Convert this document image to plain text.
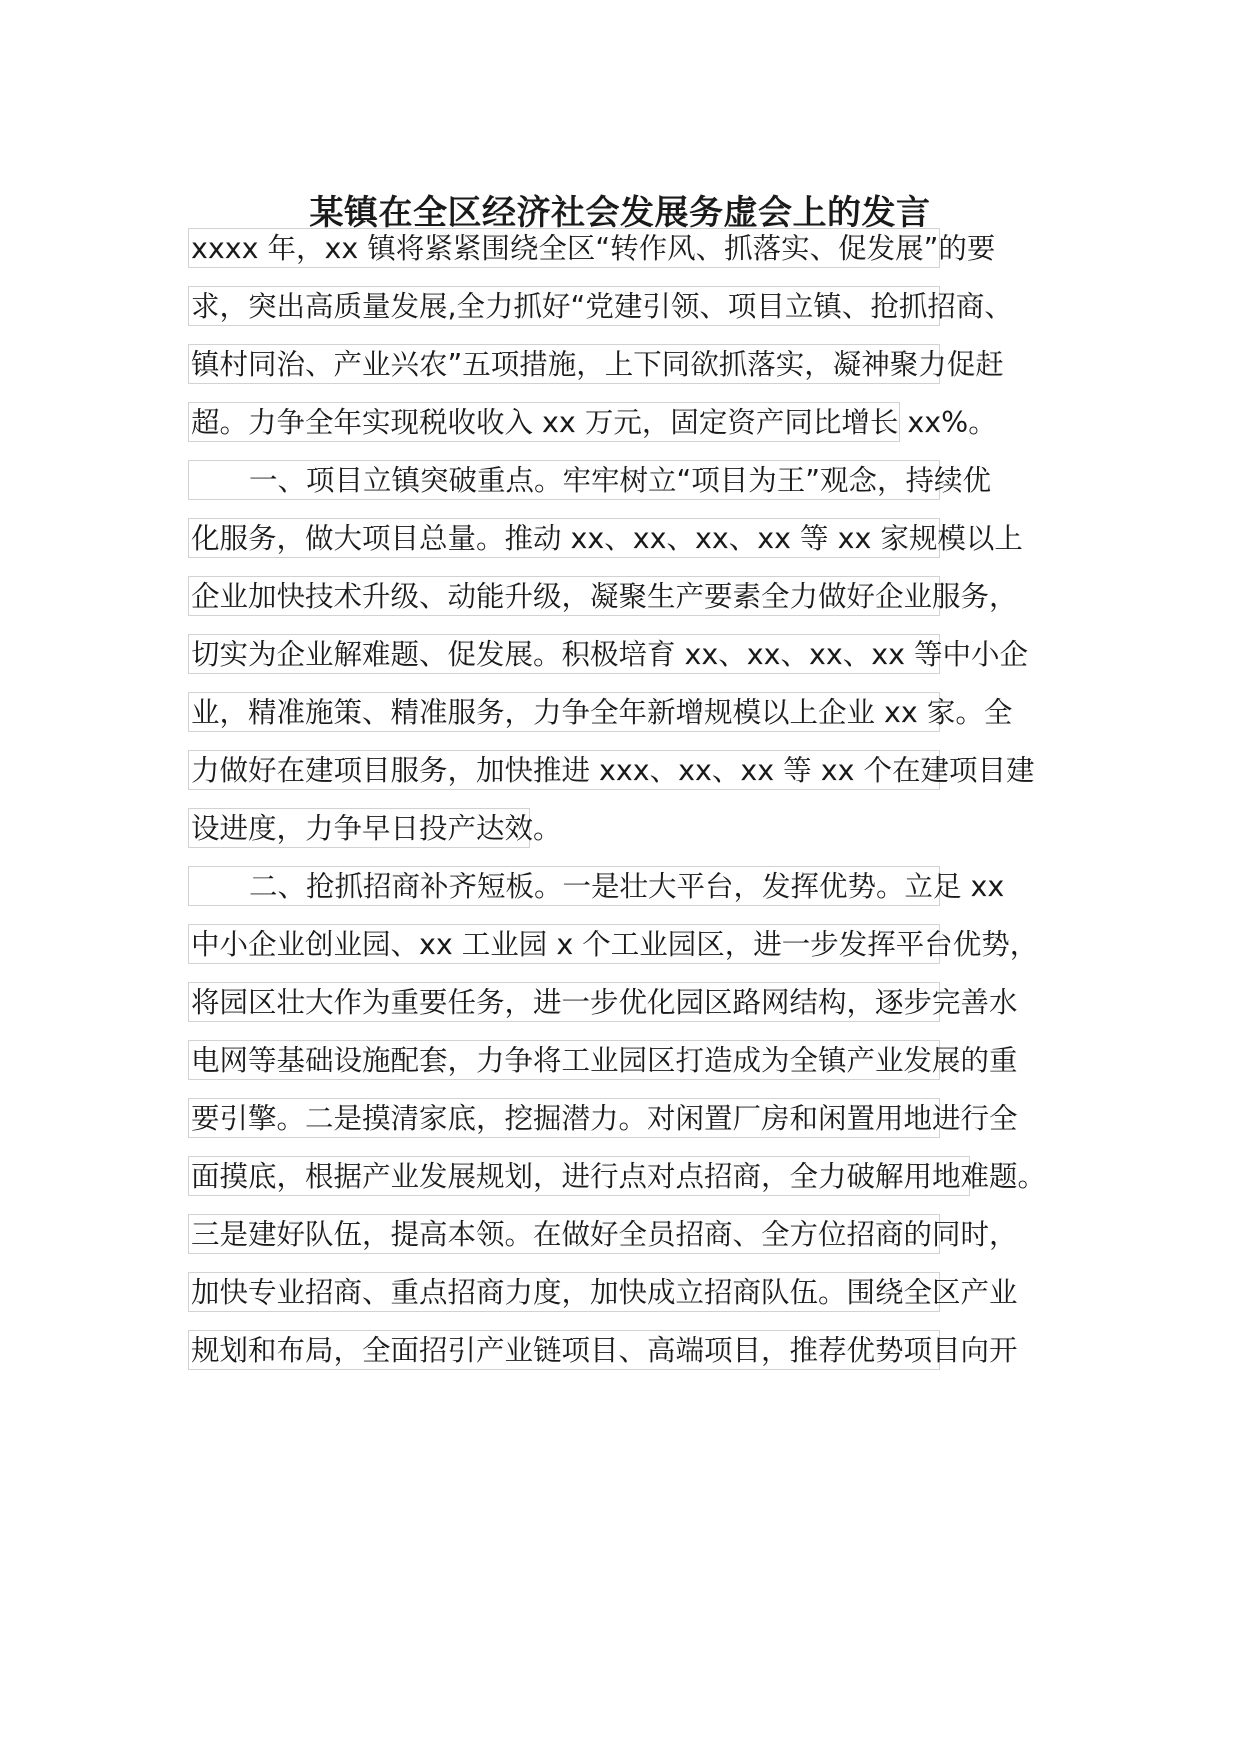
某镇在全区经济社会发展务虚会上的发言
xxxx 年，xx 镇将紧紧围绕全区“转作风、抓落实、促发展”的要
求，突出高质量发展,全力抓好“党建引领、项目立镇、抢抓招商、
镇村同治、产业兴农”五项措施，上下同欲抓落实，凝神聚力促赶
超。力争全年实现税收收入 xx 万元，固定资产同比增长 xx%。
一、项目立镇突破重点。牢牢树立“项目为王”观念，持续优
化服务，做大项目总量。推动 xx、xx、xx、xx 等 xx 家规模以上
企业加快技术升级、动能升级，凝聚生产要素全力做好企业服务，
切实为企业解难题、促发展。积极培育 xx、xx、xx、xx 等中小企
业，精准施策、精准服务，力争全年新增规模以上企业 xx 家。全
力做好在建项目服务，加快推进 xxx、xx、xx 等 xx 个在建项目建
设进度，力争早日投产达效。
二、抢抓招商补齐短板。一是壮大平台，发挥优势。立足 xx
中小企业创业园、xx 工业园 x 个工业园区，进一步发挥平台优势，
将园区壮大作为重要任务，进一步优化园区路网结构，逐步完善水
电网等基础设施配套，力争将工业园区打造成为全镇产业发展的重
要引擎。二是摸清家底，挖掘潜力。对闲置厂房和闲置用地进行全
面摸底，根据产业发展规划，进行点对点招商，全力破解用地难题。
三是建好队伍，提高本领。在做好全员招商、全方位招商的同时，
加快专业招商、重点招商力度，加快成立招商队伍。围绕全区产业
规划和布局，全面招引产业链项目、高端项目，推荐优势项目向开
